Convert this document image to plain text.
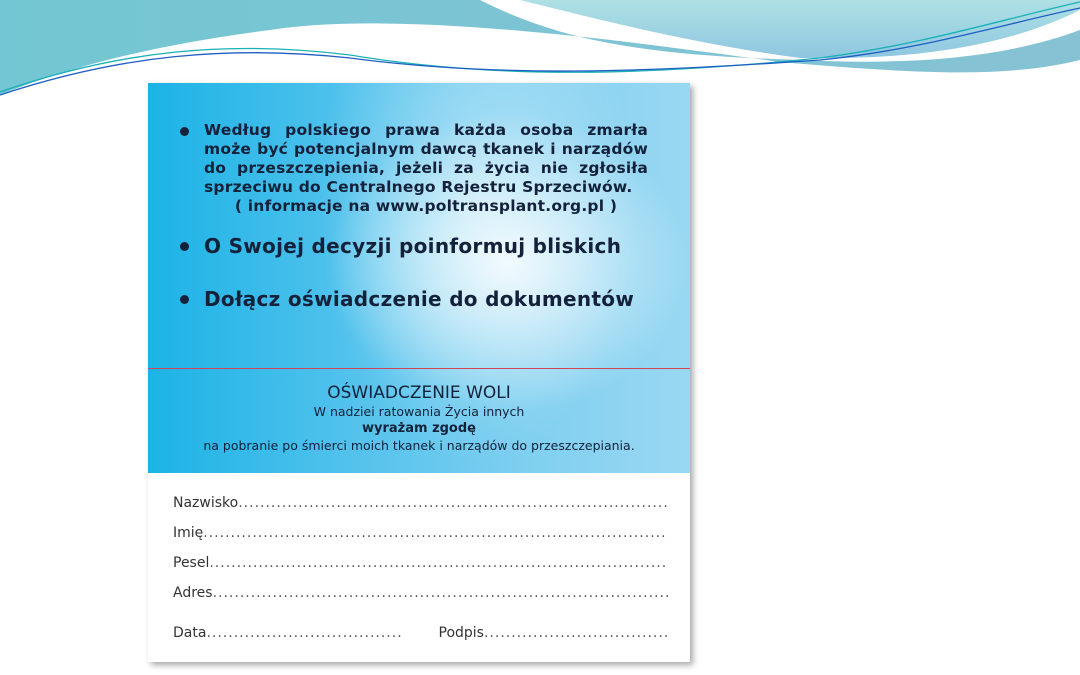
Według polskiego prawa każda osoba zmarła może być potencjalnym dawcą tkanek i narządów do przeszczepienia, jeżeli za życia nie zgłosiła sprzeciwu do Centralnego Rejestru Sprzeciwów.
( informacje na www.poltransplant.org.pl )
O Swojej decyzji poinformuj bliskich
Dołącz oświadczenie do dokumentów
OŚWIADCZENIE WOLI
W nadziei ratowania Życia innych
wyrażam zgodę
na pobranie po śmierci moich tkanek i narządów do przeszczepiania.
Nazwisko
.....
Imię
.....
Pesel
.....
Adres
.....
Data .....	Podpis
.....
